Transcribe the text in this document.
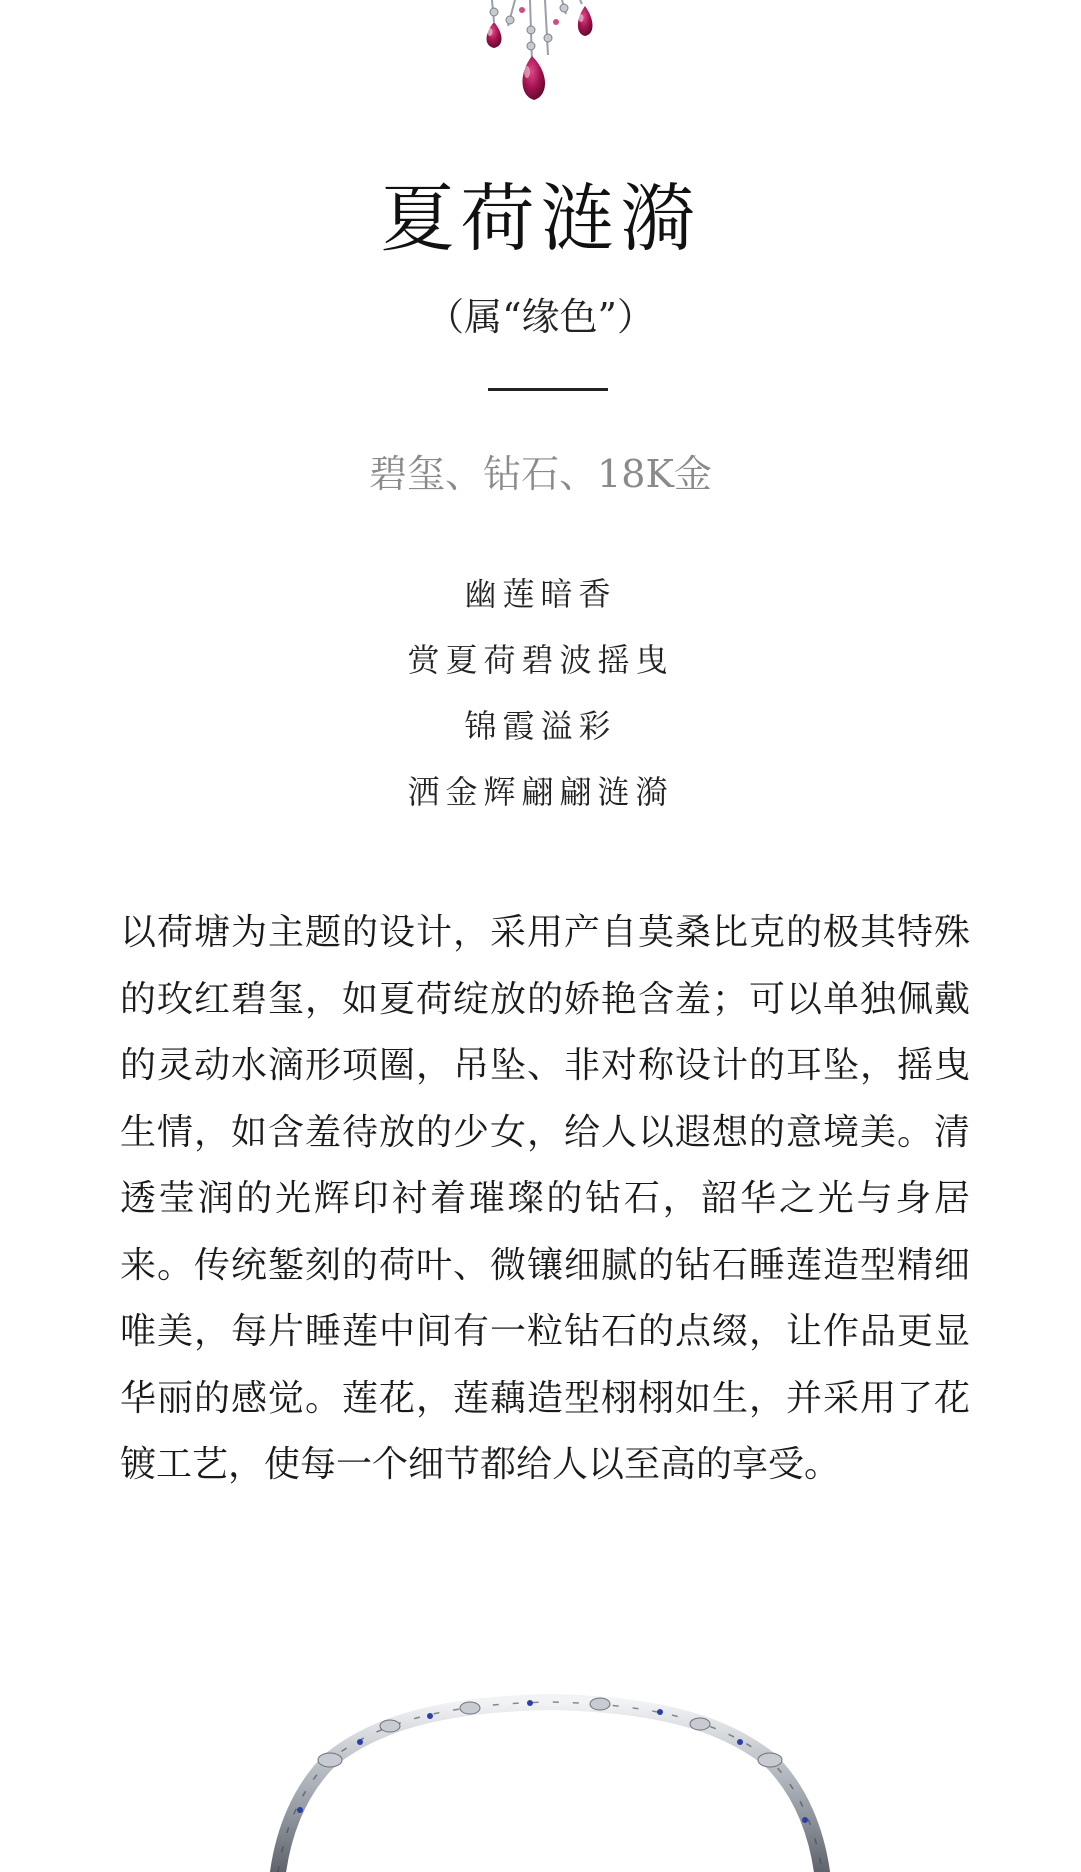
夏荷涟漪
（属“缘色”）
碧玺、钻石、18K金
幽莲暗香
赏夏荷碧波摇曳
锦霞溢彩
洒金辉翩翩涟漪

以荷塘为主题的设计，采用产自莫桑比克的极其特殊的玫红碧玺，如夏荷绽放的娇艳含羞；可以单独佩戴的灵动水滴形项圈，吊坠、非对称设计的耳坠，摇曳生情，如含羞待放的少女，给人以遐想的意境美。清透莹润的光辉印衬着璀璨的钻石，韶华之光与身居来。传统錾刻的荷叶、微镶细腻的钻石睡莲造型精细唯美，每片睡莲中间有一粒钻石的点缀，让作品更显华丽的感觉。莲花，莲藕造型栩栩如生，并采用了花镀工艺，使每一个细节都给人以至高的享受。
